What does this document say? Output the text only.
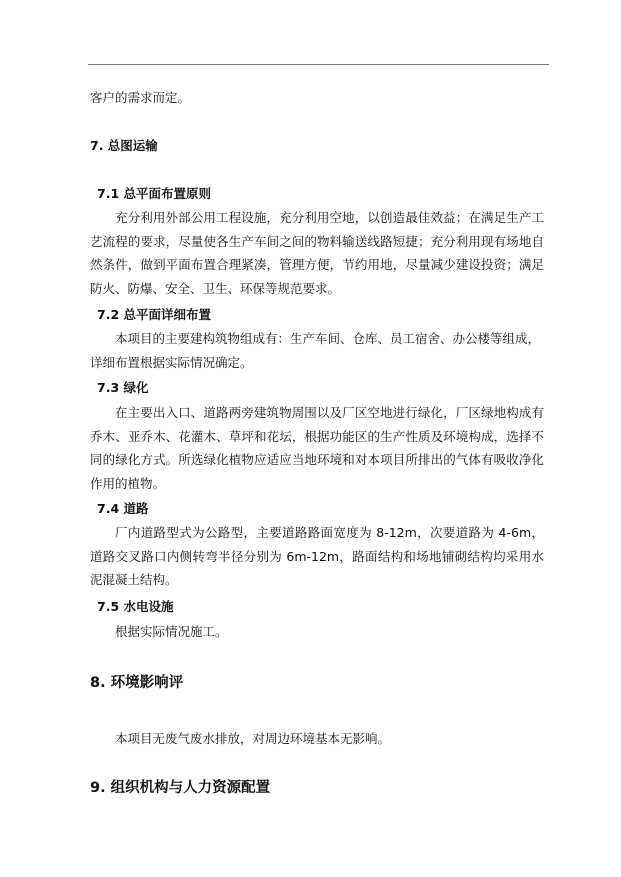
客户的需求而定。

7. 总图运输
7.1 总平面布置原则

充分利用外部公用工程设施，充分利用空地，以创造最佳效益；在满足生产工艺流程的要求，尽量使各生产车间之间的物料输送线路短捷；充分利用现有场地自然条件，做到平面布置合理紧凑，管理方便，节约用地，尽量减少建设投资；满足防火、防爆、安全、卫生、环保等规范要求。

7.2 总平面详细布置

本项目的主要建构筑物组成有：生产车间、仓库、员工宿舍、办公楼等组成，

详细布置根据实际情况确定。

7.3 绿化

在主要出入口、道路两旁建筑物周围以及厂区空地进行绿化，厂区绿地构成有乔木、亚乔木、花灌木、草坪和花坛，根据功能区的生产性质及环境构成，选择不同的绿化方式。所选绿化植物应适应当地环境和对本项目所排出的气体有吸收净化作用的植物。

7.4 道路

厂内道路型式为公路型，主要道路路面宽度为 8-12m，次要道路为 4-6m，道路交叉路口内侧转弯半径分别为 6m-12m，路面结构和场地铺砌结构均采用水泥混凝土结构。

7.5 水电设施

根据实际情况施工。

8. 环境影响评

本项目无废气废水排放，对周边环境基本无影响。

9. 组织机构与人力资源配置
